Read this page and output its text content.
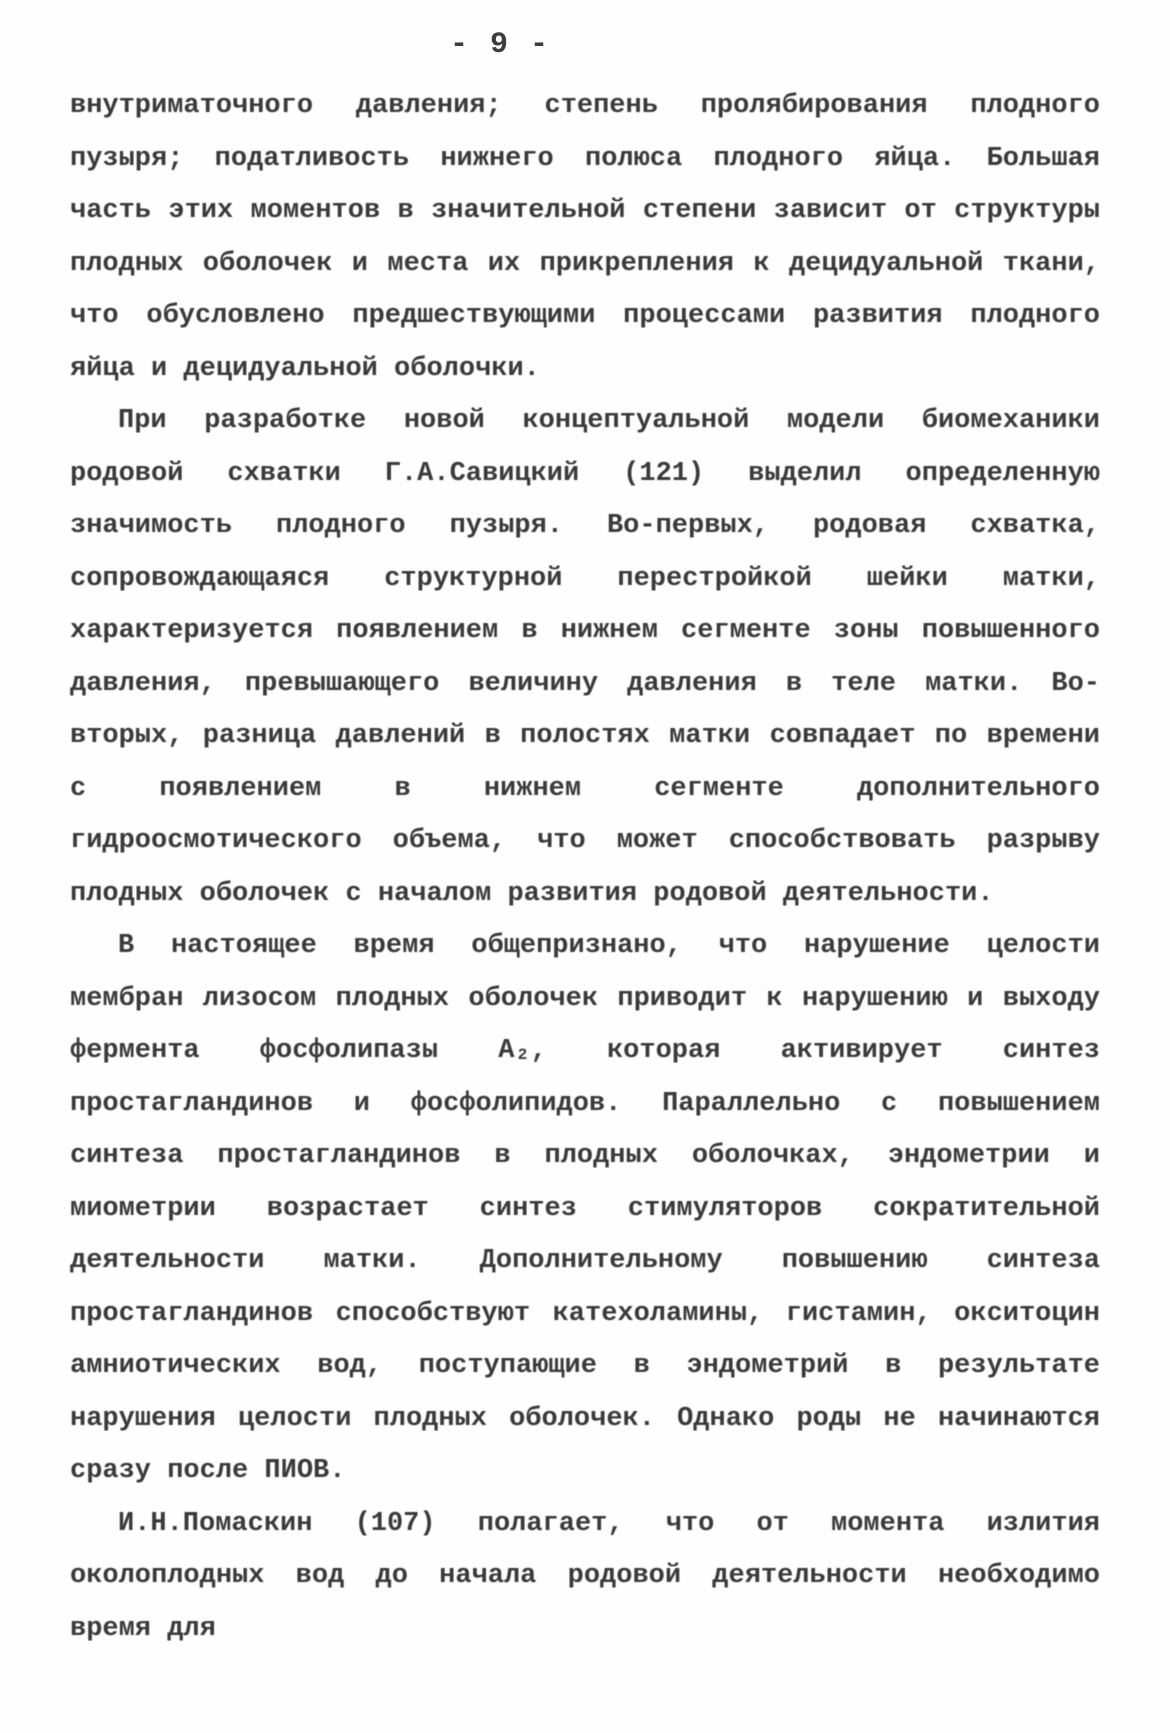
- 9 -

внутриматочного давления; степень пролябирования плодного пузыря; податливость нижнего полюса плодного яйца. Большая часть этих моментов в значительной степени зависит от структуры плодных оболочек и места их прикрепления к децидуальной ткани, что обусловлено предшествующими процессами развития плодного яйца и децидуальной оболочки.

При разработке новой концептуальной модели биомеханики родовой схватки Г.А.Савицкий (121) выделил определенную значимость плодного пузыря. Во-первых, родовая схватка, сопровождающаяся структурной перестройкой шейки матки, характеризуется появлением в нижнем сегменте зоны повышенного давления, превышающего величину давления в теле матки. Во-вторых, разница давлений в полостях матки совпадает по времени с появлением в нижнем сегменте дополнительного гидроосмотического объема, что может способствовать разрыву плодных оболочек с началом развития родовой деятельности.

В настоящее время общепризнано, что нарушение целости мембран лизосом плодных оболочек приводит к нарушению и выходу фермента фосфолипазы А₂, которая активирует синтез простагландинов и фосфолипидов. Параллельно с повышением синтеза простагландинов в плодных оболочках, эндометрии и миометрии возрастает синтез стимуляторов сократительной деятельности матки. Дополнительному повышению синтеза простагландинов способствуют катехоламины, гистамин, окситоцин амниотических вод, поступающие в эндометрий в результате нарушения целости плодных оболочек. Однако роды не начинаются сразу после ПИОВ.

И.Н.Помаскин (107) полагает, что от момента излития околоплодных вод до начала родовой деятельности необходимо время для
